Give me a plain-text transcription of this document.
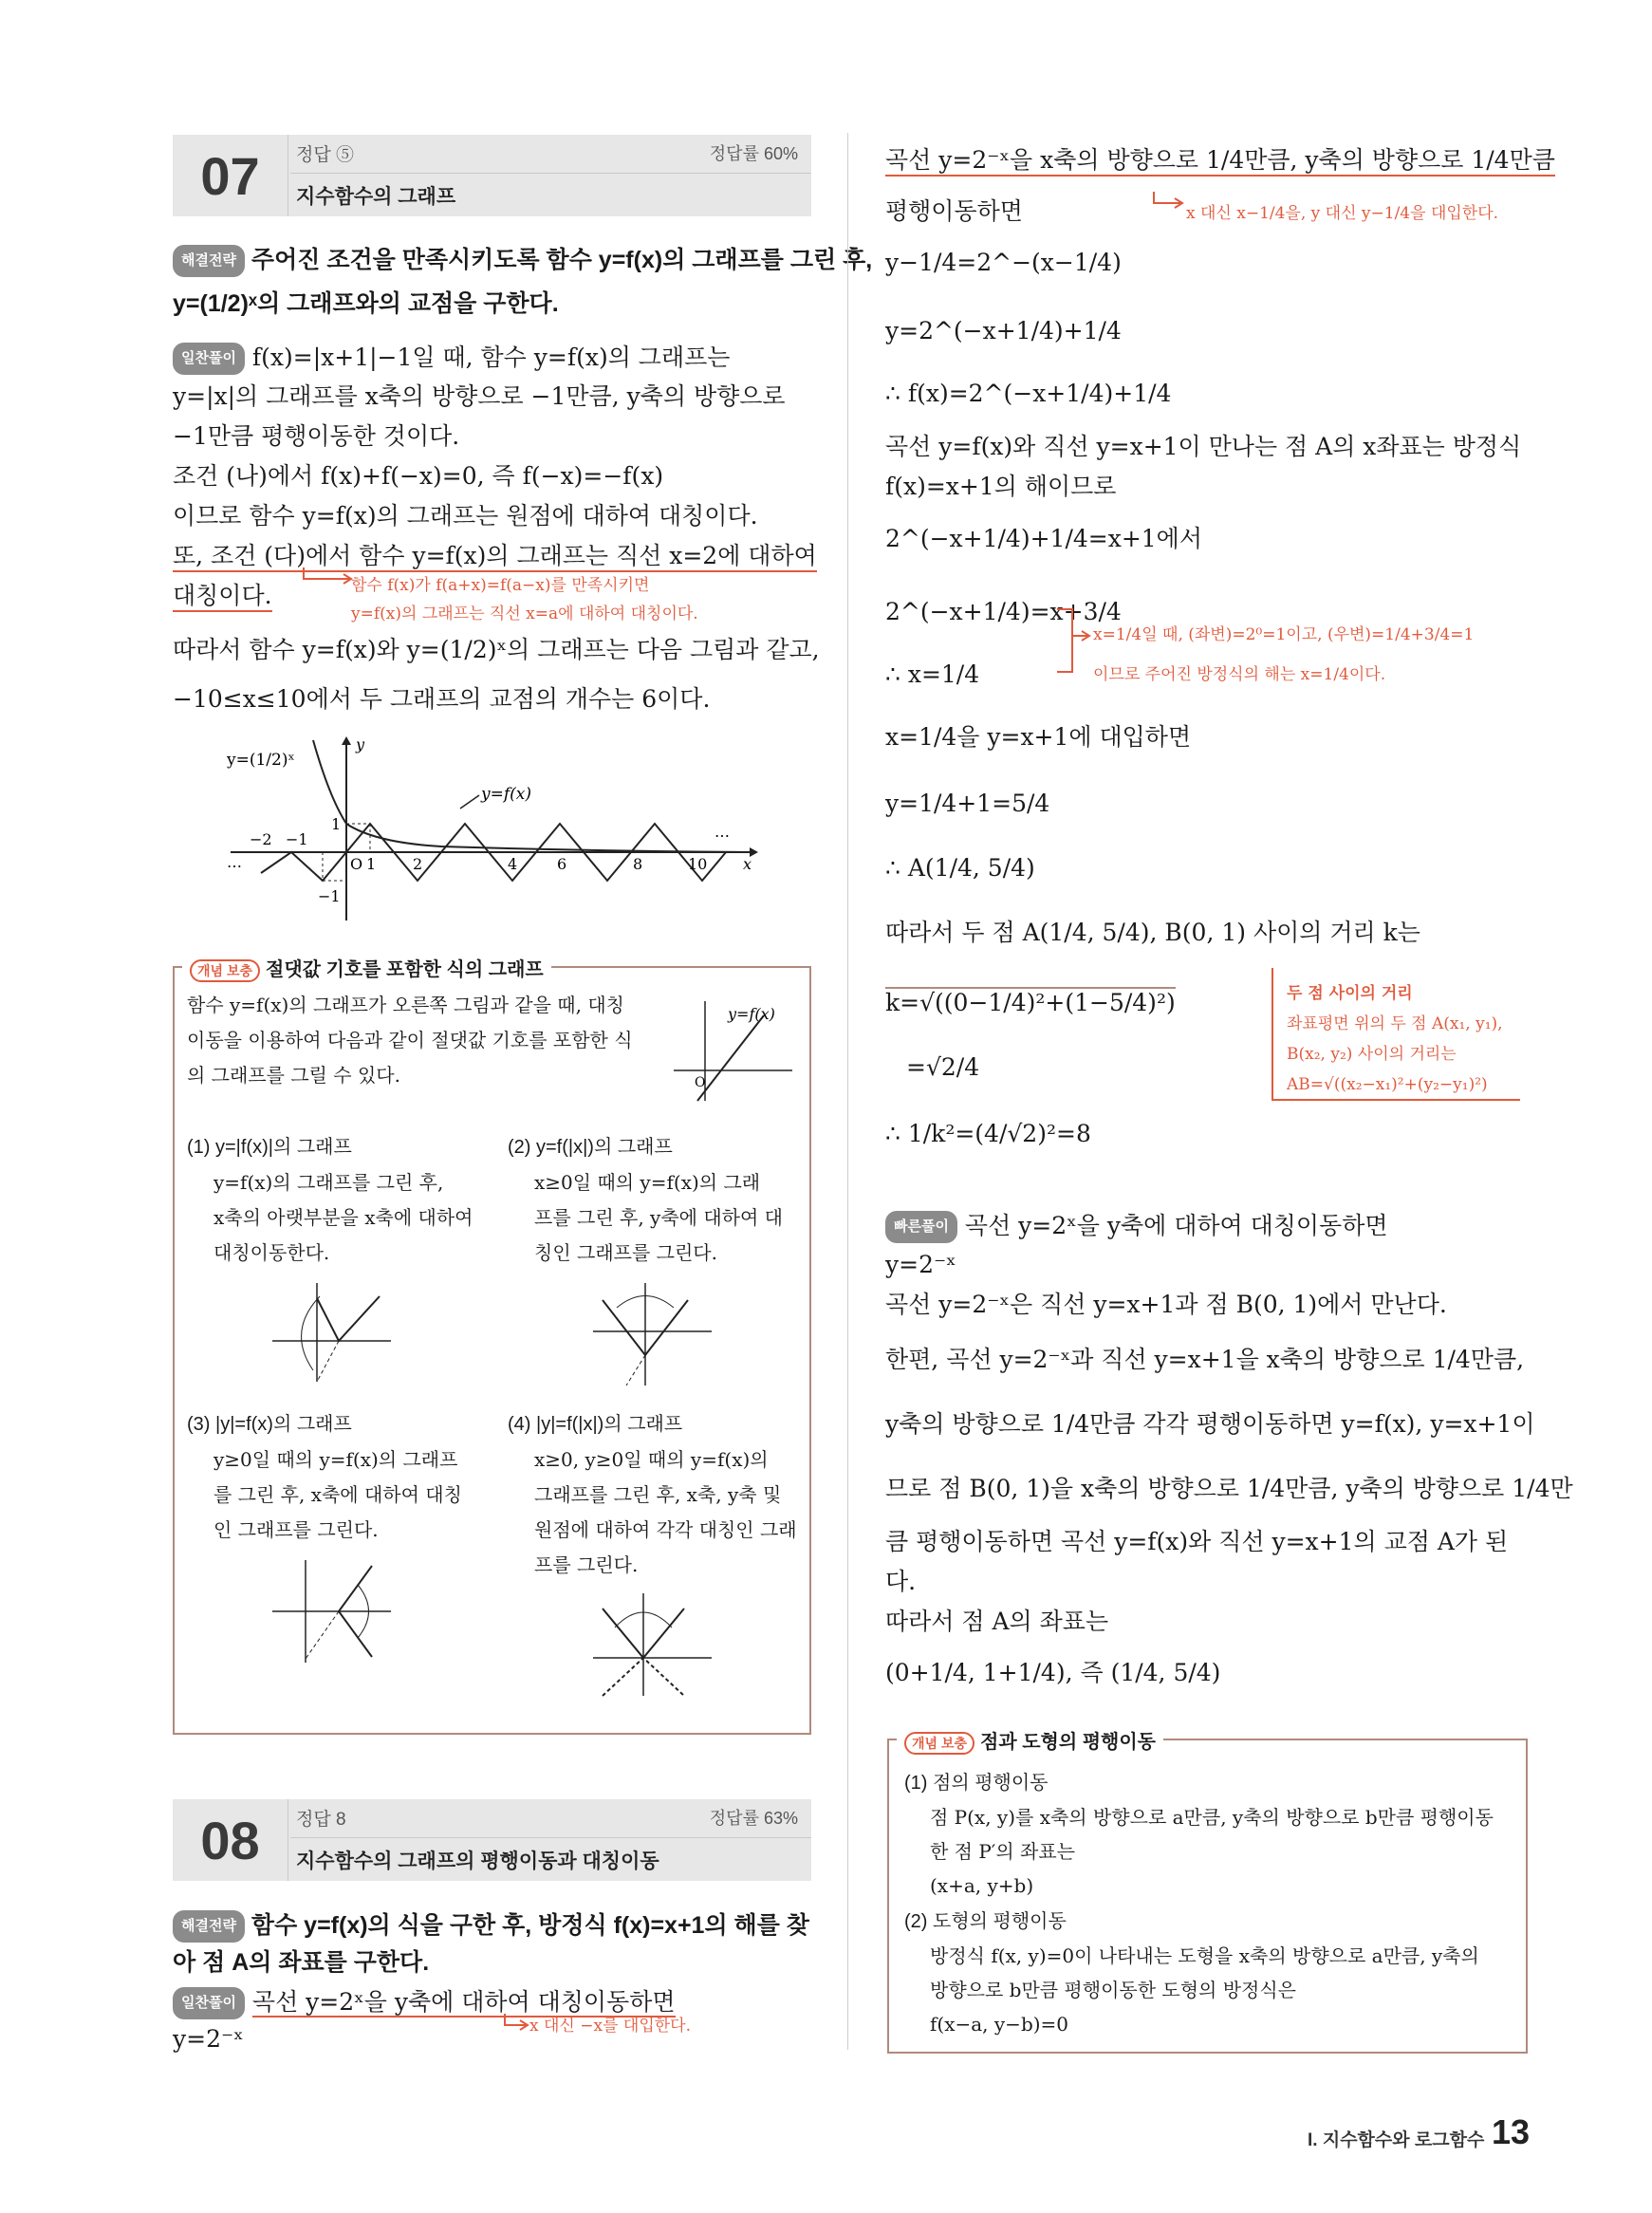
07	정답 ⑤	정답률 60%
지수함수의 그래프
해결전략 주어진 조건을 만족시키도록 함수 y=f(x)의 그래프를 그린 후,
y=(1/2)ˣ의 그래프와의 교점을 구한다.
일찬풀이 f(x)=|x+1|−1일 때, 함수 y=f(x)의 그래프는
y=|x|의 그래프를 x축의 방향으로 −1만큼, y축의 방향으로
−1만큼 평행이동한 것이다.
조건 (나)에서 f(x)+f(−x)=0, 즉 f(−x)=−f(x)
이므로 함수 y=f(x)의 그래프는 원점에 대하여 대칭이다.
또, 조건 (다)에서 함수 y=f(x)의 그래프는 직선 x=2에 대하여
대칭이다.	함수 f(x)가 f(a+x)=f(a−x)를 만족시키면
y=f(x)의 그래프는 직선 x=a에 대하여 대칭이다.
따라서 함수 y=f(x)와 y=(1/2)ˣ의 그래프는 다음 그림과 같고,
−10≤x≤10에서 두 그래프의 교점의 개수는 6이다.
y=(1/2)ˣ
y=f(x)
y
x
O
1
−1
−2 −1
1 2	4	6	8	10
…
…
개념 보충 절댓값 기호를 포함한 식의 그래프
함수 y=f(x)의 그래프가 오른쪽 그림과 같을 때, 대칭
이동을 이용하여 다음과 같이 절댓값 기호를 포함한 식
의 그래프를 그릴 수 있다.
y=f(x)
O
(1) y=|f(x)|의 그래프
y=f(x)의 그래프를 그린 후,
x축의 아랫부분을 x축에 대하여
대칭이동한다.
(2) y=f(|x|)의 그래프
x≥0일 때의 y=f(x)의 그래
프를 그린 후, y축에 대하여 대
칭인 그래프를 그린다.
(3) |y|=f(x)의 그래프
y≥0일 때의 y=f(x)의 그래프
를 그린 후, x축에 대하여 대칭
인 그래프를 그린다.
(4) |y|=f(|x|)의 그래프
x≥0, y≥0일 때의 y=f(x)의
그래프를 그린 후, x축, y축 및
원점에 대하여 각각 대칭인 그래
프를 그린다.
08	정답 8	정답률 63%
지수함수의 그래프의 평행이동과 대칭이동
해결전략 함수 y=f(x)의 식을 구한 후, 방정식 f(x)=x+1의 해를 찾
아 점 A의 좌표를 구한다.
일찬풀이 곡선 y=2ˣ을 y축에 대하여 대칭이동하면
y=2⁻ˣ	x 대신 −x를 대입한다.
곡선 y=2⁻ˣ을 x축의 방향으로 1/4만큼, y축의 방향으로 1/4만큼
평행이동하면	x 대신 x−1/4을, y 대신 y−1/4을 대입한다.
y−1/4=2^−(x−1/4)
y=2^(−x+1/4)+1/4
∴ f(x)=2^(−x+1/4)+1/4
곡선 y=f(x)와 직선 y=x+1이 만나는 점 A의 x좌표는 방정식
f(x)=x+1의 해이므로
2^(−x+1/4)+1/4=x+1에서
2^(−x+1/4)=x+3/4
∴ x=1/4
x=1/4일 때, (좌변)=2⁰=1이고, (우변)=1/4+3/4=1
이므로 주어진 방정식의 해는 x=1/4이다.
x=1/4을 y=x+1에 대입하면
y=1/4+1=5/4
∴ A(1/4, 5/4)
따라서 두 점 A(1/4, 5/4), B(0, 1) 사이의 거리 k는
k=√((0−1/4)²+(1−5/4)²)
=√2/4
∴ 1/k²=(4/√2)²=8
두 점 사이의 거리
좌표평면 위의 두 점 A(x₁, y₁),
B(x₂, y₂) 사이의 거리는
AB=√((x₂−x₁)²+(y₂−y₁)²)
빠른풀이 곡선 y=2ˣ을 y축에 대하여 대칭이동하면
y=2⁻ˣ
곡선 y=2⁻ˣ은 직선 y=x+1과 점 B(0, 1)에서 만난다.
한편, 곡선 y=2⁻ˣ과 직선 y=x+1을 x축의 방향으로 1/4만큼,
y축의 방향으로 1/4만큼 각각 평행이동하면 y=f(x), y=x+1이
므로 점 B(0, 1)을 x축의 방향으로 1/4만큼, y축의 방향으로 1/4만
큼 평행이동하면 곡선 y=f(x)와 직선 y=x+1의 교점 A가 된
다.
따라서 점 A의 좌표는
(0+1/4, 1+1/4), 즉 (1/4, 5/4)
개념 보충 점과 도형의 평행이동
(1) 점의 평행이동
점 P(x, y)를 x축의 방향으로 a만큼, y축의 방향으로 b만큼 평행이동
한 점 P′의 좌표는
(x+a, y+b)
(2) 도형의 평행이동
방정식 f(x, y)=0이 나타내는 도형을 x축의 방향으로 a만큼, y축의
방향으로 b만큼 평행이동한 도형의 방정식은
f(x−a, y−b)=0
I. 지수함수와 로그함수 13
